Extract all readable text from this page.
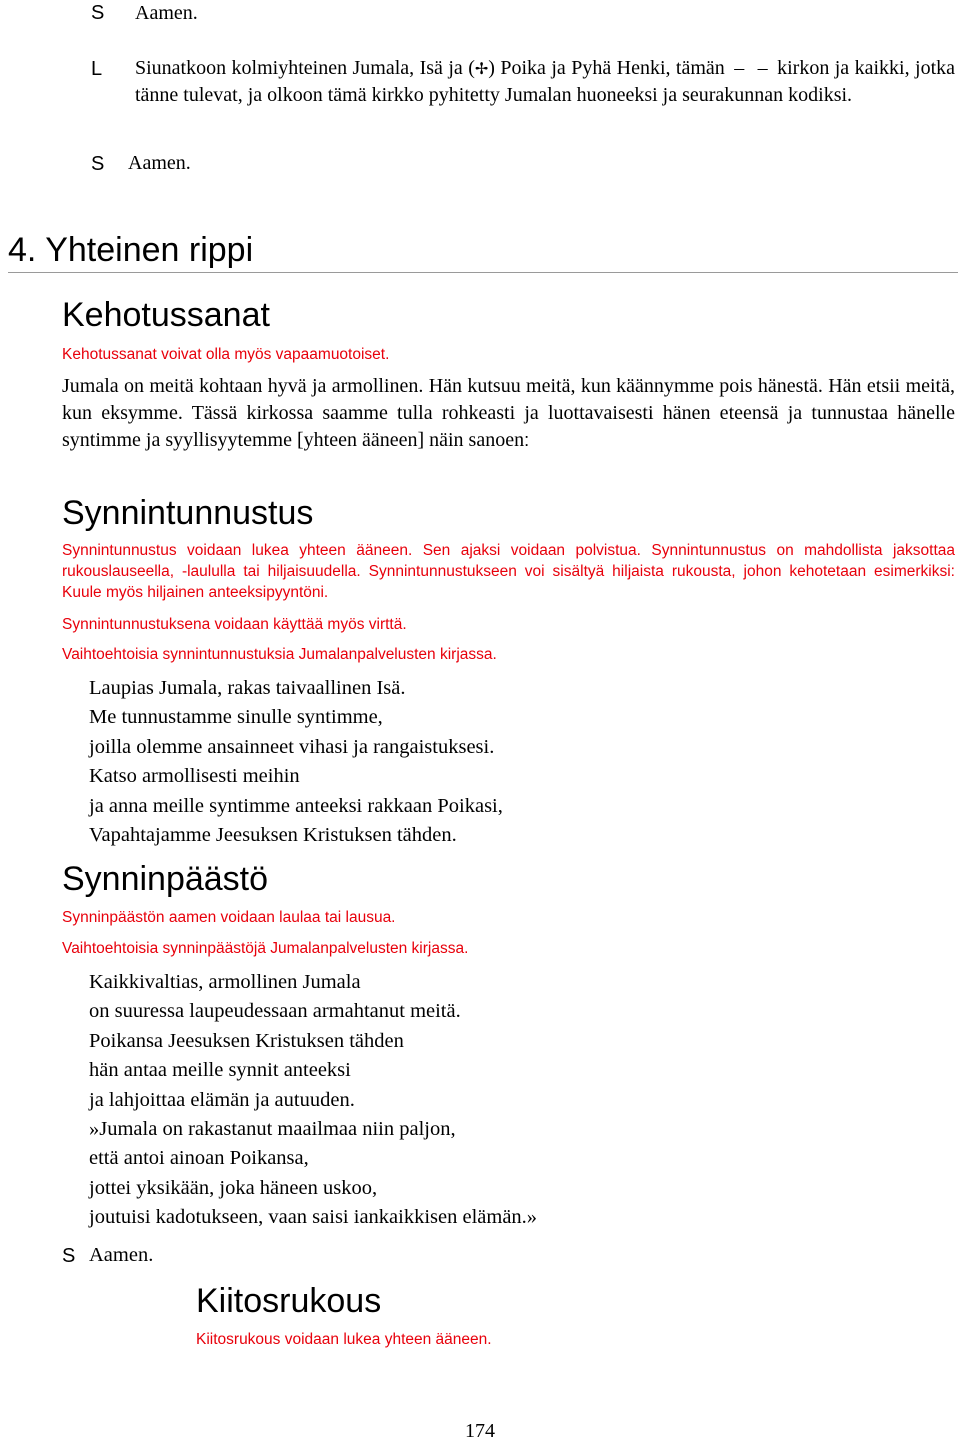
S Aamen.
L Siunatkoon kolmiyhteinen Jumala, Isä ja (✢) Poika ja Pyhä Henki, tämän – – kirkon ja kaikki, jotka tänne tulevat, ja olkoon tämä kirkko pyhitetty Jumalan huoneeksi ja seurakunnan kodiksi.
S Aamen.
4. Yhteinen rippi
Kehotussanat
Kehotussanat voivat olla myös vapaamuotoiset.
Jumala on meitä kohtaan hyvä ja armollinen. Hän kutsuu meitä, kun käännymme pois hänestä. Hän etsii meitä, kun eksymme. Tässä kirkossa saamme tulla rohkeasti ja luottavaisesti hänen eteensä ja tunnustaa hänelle syntimme ja syyllisyytemme [yhteen ääneen] näin sanoen:
Synnintunnustus
Synnintunnustus voidaan lukea yhteen ääneen. Sen ajaksi voidaan polvistua. Synnintunnustus on mahdollista jaksottaa rukouslauseella, -laululla tai hiljaisuudella. Synnintunnustukseen voi sisältyä hiljaista rukousta, johon kehotetaan esimerkiksi: Kuule myös hiljainen anteeksipyyntöni.
Synnintunnustuksena voidaan käyttää myös virttä.
Vaihtoehtoisia synnintunnustuksia Jumalanpalvelusten kirjassa.
Laupias Jumala, rakas taivaallinen Isä.
Me tunnustamme sinulle syntimme,
joilla olemme ansainneet vihasi ja rangaistuksesi.
Katso armollisesti meihin
ja anna meille syntimme anteeksi rakkaan Poikasi,
Vapahtajamme Jeesuksen Kristuksen tähden.
Synninpäästö
Synninpäästön aamen voidaan laulaa tai lausua.
Vaihtoehtoisia synninpäästöjä Jumalanpalvelusten kirjassa.
Kaikkivaltias, armollinen Jumala
on suuressa laupeudessaan armahtanut meitä.
Poikansa Jeesuksen Kristuksen tähden
hän antaa meille synnit anteeksi
ja lahjoittaa elämän ja autuuden.
»Jumala on rakastanut maailmaa niin paljon,
että antoi ainoan Poikansa,
jottei yksikään, joka häneen uskoo,
joutuisi kadotukseen, vaan saisi iankaikkisen elämän.»
S Aamen.
Kiitosrukous
Kiitosrukous voidaan lukea yhteen ääneen.
174
